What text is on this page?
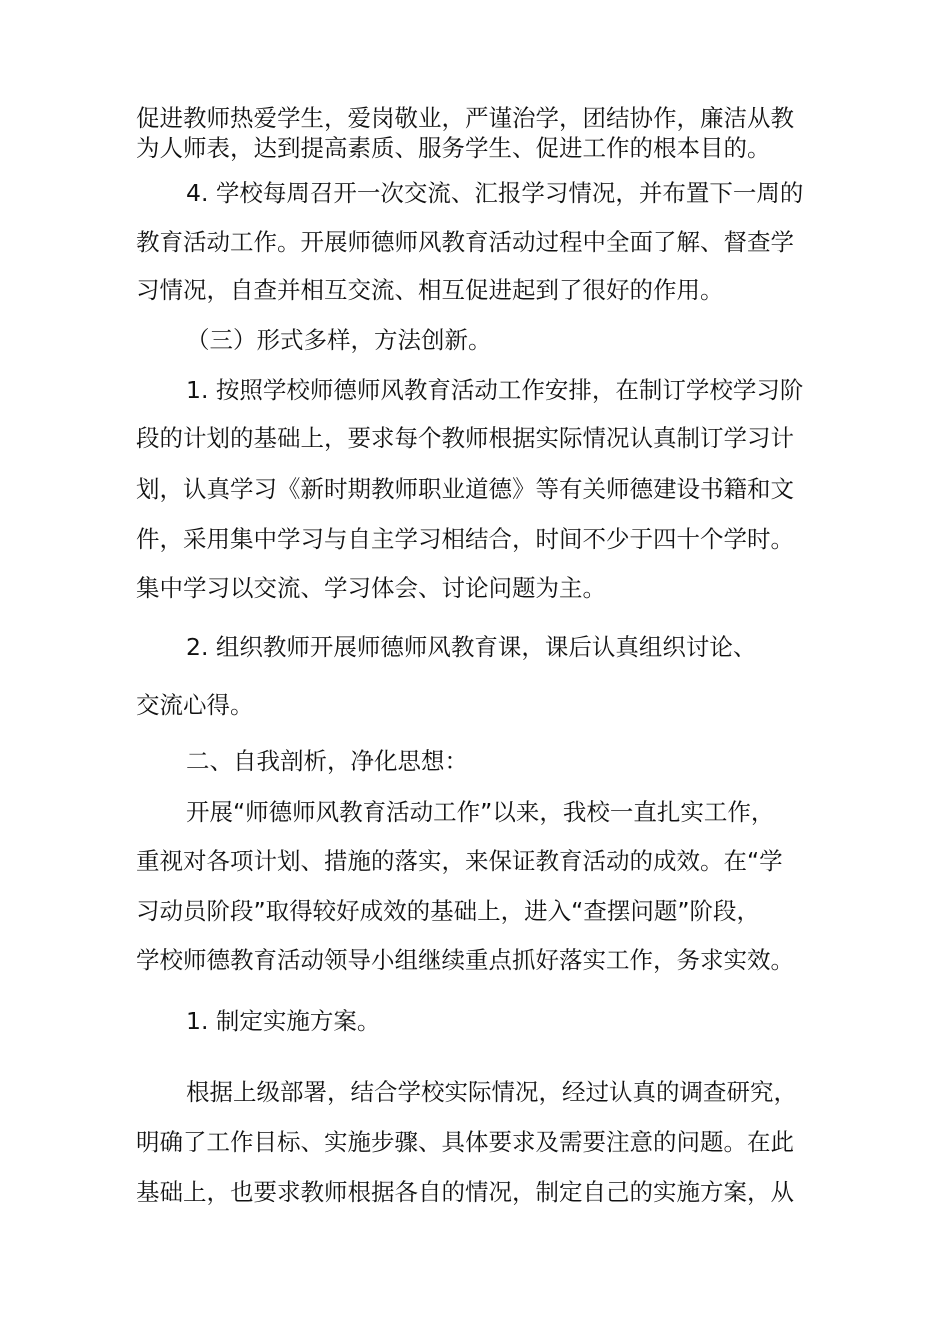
促进教师热爱学生，爱岗敬业，严谨治学，团结协作，廉洁从教
为人师表，达到提高素质、服务学生、促进工作的根本目的。
4. 学校每周召开一次交流、汇报学习情况，并布置下一周的
教育活动工作。开展师德师风教育活动过程中全面了解、督查学
习情况，自查并相互交流、相互促进起到了很好的作用。
（三）形式多样，方法创新。
1. 按照学校师德师风教育活动工作安排，在制订学校学习阶
段的计划的基础上，要求每个教师根据实际情况认真制订学习计
划，认真学习《新时期教师职业道德》等有关师德建设书籍和文
件，采用集中学习与自主学习相结合，时间不少于四十个学时。
集中学习以交流、学习体会、讨论问题为主。
2. 组织教师开展师德师风教育课，课后认真组织讨论、
交流心得。
二、自我剖析，净化思想：
开展“师德师风教育活动工作”以来，我校一直扎实工作，
重视对各项计划、措施的落实，来保证教育活动的成效。在“学
习动员阶段”取得较好成效的基础上，进入“查摆问题”阶段，
学校师德教育活动领导小组继续重点抓好落实工作，务求实效。
1. 制定实施方案。
根据上级部署，结合学校实际情况，经过认真的调查研究，
明确了工作目标、实施步骤、具体要求及需要注意的问题。在此
基础上，也要求教师根据各自的情况，制定自己的实施方案，从
